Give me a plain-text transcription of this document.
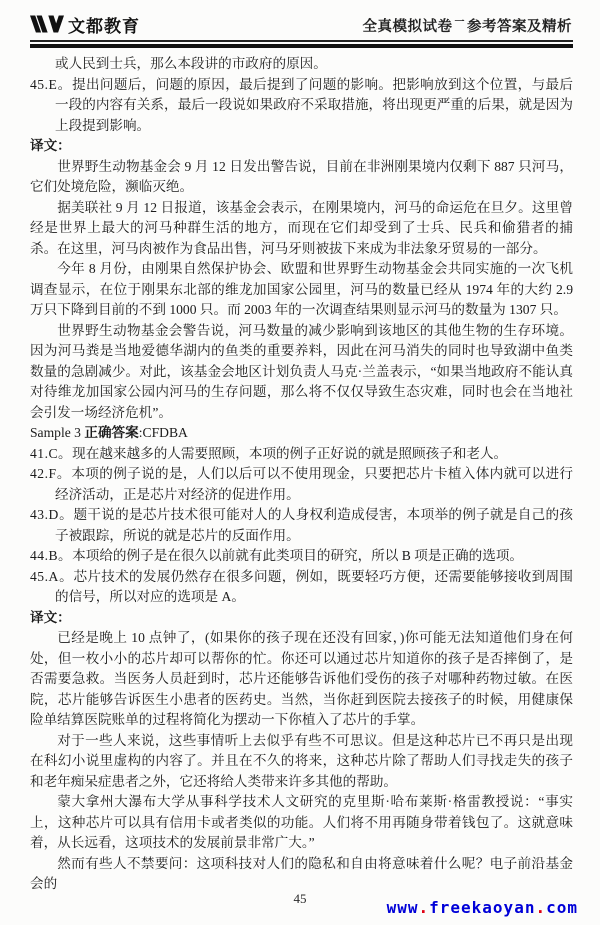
文都教育	全真模拟试卷 $^一$ 参考答案及精析
或人民到士兵，那么本段讲的市政府的原因。
45.E。提出问题后，问题的原因，最后提到了问题的影响。把影响放到这个位置，与最后一段的内容有关系，最后一段说如果政府不采取措施，将出现更严重的后果，就是因为上段提到影响。
译文：

世界野生动物基金会 9 月 12 日发出警告说，目前在非洲刚果境内仅剩下 887 只河马，它们处境危险，濒临灭绝。

据美联社 9 月 12 日报道，该基金会表示，在刚果境内，河马的命运危在旦夕。这里曾经是世界上最大的河马种群生活的地方，而现在它们却受到了士兵、民兵和偷猎者的捕杀。在这里，河马肉被作为食品出售，河马牙则被拔下来成为非法象牙贸易的一部分。

今年 8 月份，由刚果自然保护协会、欧盟和世界野生动物基金会共同实施的一次飞机调查显示，在位于刚果东北部的维龙加国家公园里，河马的数量已经从 1974 年的大约 2.9 万只下降到目前的不到 1000 只。而 2003 年的一次调查结果则显示河马的数量为 1307 只。

世界野生动物基金会警告说，河马数量的减少影响到该地区的其他生物的生存环境。因为河马粪是当地爱德华湖内的鱼类的重要养料，因此在河马消失的同时也导致湖中鱼类数量的急剧减少。对此，该基金会地区计划负责人马克·兰盖表示，“如果当地政府不能认真对待维龙加国家公园内河马的生存问题，那么将不仅仅导致生态灾难，同时也会在当地社会引发一场经济危机”。

Sample 3 正确答案:CFDBA
41.C。现在越来越多的人需要照顾，本项的例子正好说的就是照顾孩子和老人。
42.F。本项的例子说的是，人们以后可以不使用现金，只要把芯片卡植入体内就可以进行经济活动，正是芯片对经济的促进作用。
43.D。题干说的是芯片技术很可能对人的人身权利造成侵害，本项举的例子就是自己的孩子被跟踪，所说的就是芯片的反面作用。
44.B。本项给的例子是在很久以前就有此类项目的研究，所以 B 项是正确的选项。
45.A。芯片技术的发展仍然存在很多问题，例如，既要轻巧方便，还需要能够接收到周围的信号，所以对应的选项是 A。
译文：

已经是晚上 10 点钟了，(如果你的孩子现在还没有回家，)你可能无法知道他们身在何处，但一枚小小的芯片却可以帮你的忙。你还可以通过芯片知道你的孩子是否摔倒了，是否需要急救。当医务人员赶到时，芯片还能够告诉他们受伤的孩子对哪种药物过敏。在医院，芯片能够告诉医生小患者的医药史。当然，当你赶到医院去接孩子的时候，用健康保险单结算医院账单的过程将简化为摆动一下你植入了芯片的手掌。

对于一些人来说，这些事情听上去似乎有些不可思议。但是这种芯片已不再只是出现在科幻小说里虚构的内容了。并且在不久的将来，这种芯片除了帮助人们寻找走失的孩子和老年痴呆症患者之外，它还将给人类带来许多其他的帮助。

蒙大拿州大瀑布大学从事科学技术人文研究的克里斯·哈布莱斯·格雷教授说：“事实上，这种芯片可以具有信用卡或者类似的功能。人们将不用再随身带着钱包了。这就意味着，从长远看，这项技术的发展前景非常广大。”

然而有些人不禁要问：这项科技对人们的隐私和自由将意味着什么呢？电子前沿基金会的

45	www.freekaoyan.com
